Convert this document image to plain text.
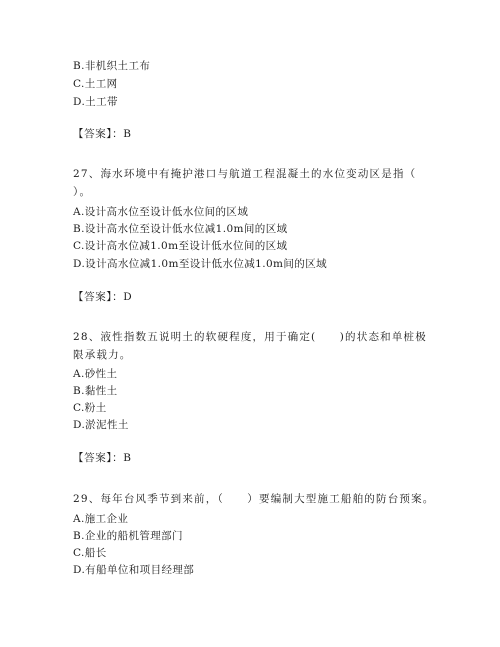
B.非机织土工布
C.土工网
D.土工带
【答案】：B
27、海水环境中有掩护港口与航道工程混凝土的水位变动区是指（
）。
A.设计高水位至设计低水位间的区域
B.设计高水位至设计低水位减1.0m间的区域
C.设计高水位减1.0m至设计低水位间的区域
D.设计高水位减1.0m至设计低水位减1.0m间的区域
【答案】：D
28、液性指数五说明土的软硬程度，用于确定(　　)的状态和单桩极
限承载力。
A.砂性土
B.黏性土
C.粉土
D.淤泥性土
【答案】：B
29、每年台风季节到来前，（　　）要编制大型施工船舶的防台预案。
A.施工企业
B.企业的船机管理部门
C.船长
D.有船单位和项目经理部
